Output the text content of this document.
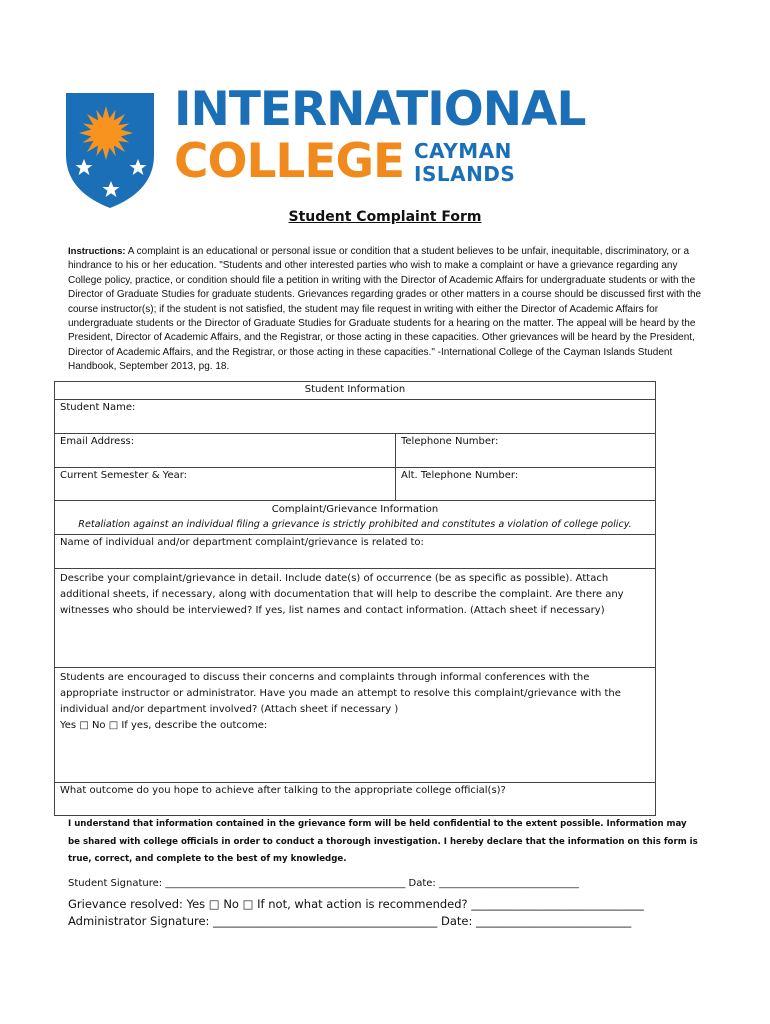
INTERNATIONAL
COLLEGE CAYMAN
ISLANDS
Student Complaint Form
Instructions: A complaint is an educational or personal issue or condition that a student believes to be unfair, inequitable, discriminatory, or a hindrance to his or her education. "Students and other interested parties who wish to make a complaint or have a grievance regarding any College policy, practice, or condition should file a petition in writing with the Director of Academic Affairs for undergraduate students or with the Director of Graduate Studies for graduate students. Grievances regarding grades or other matters in a course should be discussed first with the course instructor(s); if the student is not satisfied, the student may file request in writing with either the Director of Academic Affairs for undergraduate students or the Director of Graduate Studies for Graduate students for a hearing on the matter. The appeal will be heard by the President, Director of Academic Affairs, and the Registrar, or those acting in these capacities. Other grievances will be heard by the President, Director of Academic Affairs, and the Registrar, or those acting in these capacities." -International College of the Cayman Islands Student Handbook, September 2013, pg. 18.
Student Information
Student Name:
Email Address:	Telephone Number:
Current Semester & Year:	Alt. Telephone Number:
Complaint/Grievance Information
Retaliation against an individual filing a grievance is strictly prohibited and constitutes a violation of college policy.
Name of individual and/or department complaint/grievance is related to:
Describe your complaint/grievance in detail. Include date(s) of occurrence (be as specific as possible). Attach additional sheets, if necessary, along with documentation that will help to describe the complaint. Are there any witnesses who should be interviewed? If yes, list names and contact information. (Attach sheet if necessary)
Students are encouraged to discuss their concerns and complaints through informal conferences with the appropriate instructor or administrator. Have you made an attempt to resolve this complaint/grievance with the individual and/or department involved? (Attach sheet if necessary )
Yes □ No □ If yes, describe the outcome:
What outcome do you hope to achieve after talking to the appropriate college official(s)?
I understand that information contained in the grievance form will be held confidential to the extent possible. Information may be shared with college officials in order to conduct a thorough investigation. I hereby declare that the information on this form is true, correct, and complete to the best of my knowledge.
Student Signature: ________________________________________________ Date: ____________________________
Grievance resolved: Yes □ No □ If not, what action is recommended? ______________________________
Administrator Signature: _______________________________________ Date: ___________________________
